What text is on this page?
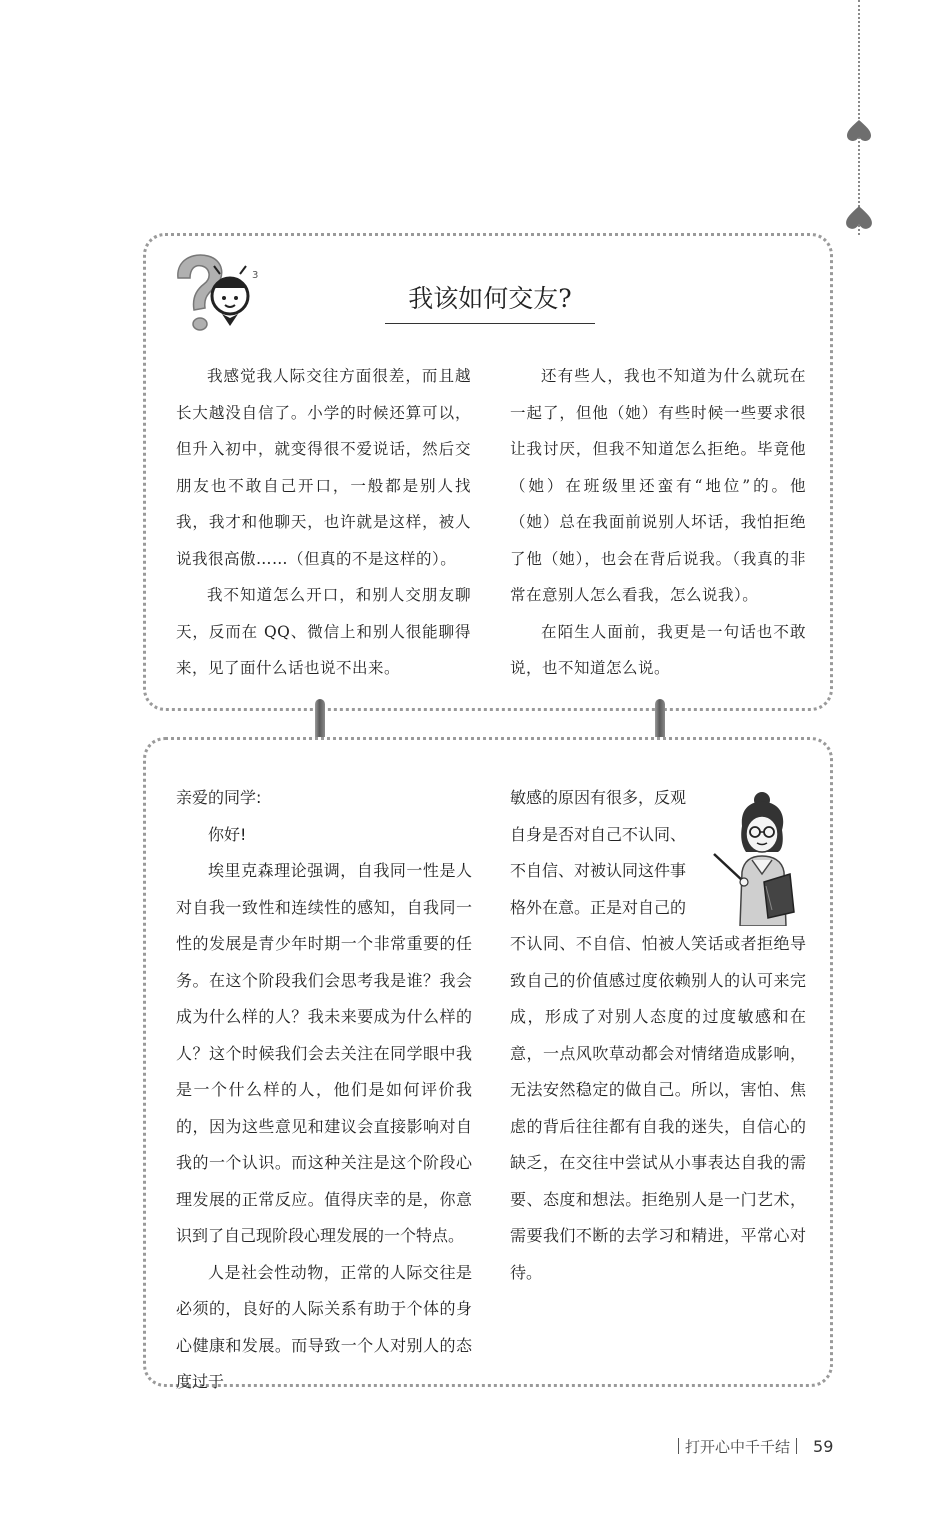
3
我该如何交友?

我感觉我人际交往方面很差，而且越长大越没自信了。小学的时候还算可以，但升入初中，就变得很不爱说话，然后交朋友也不敢自己开口，一般都是别人找我，我才和他聊天，也许就是这样，被人说我很高傲……（但真的不是这样的）。

我不知道怎么开口，和别人交朋友聊天，反而在 QQ、微信上和别人很能聊得来，见了面什么话也说不出来。

还有些人，我也不知道为什么就玩在一起了，但他（她）有些时候一些要求很让我讨厌，但我不知道怎么拒绝。毕竟他（她）在班级里还蛮有“地位”的。他（她）总在我面前说别人坏话，我怕拒绝了他（她），也会在背后说我。（我真的非常在意别人怎么看我，怎么说我）。

在陌生人面前，我更是一句话也不敢说，也不知道怎么说。

亲爱的同学:

你好!

埃里克森理论强调，自我同一性是人对自我一致性和连续性的感知，自我同一性的发展是青少年时期一个非常重要的任务。在这个阶段我们会思考我是谁？我会成为什么样的人？我未来要成为什么样的人？这个时候我们会去关注在同学眼中我是一个什么样的人，他们是如何评价我的，因为这些意见和建议会直接影响对自我的一个认识。而这种关注是这个阶段心理发展的正常反应。值得庆幸的是，你意识到了自己现阶段心理发展的一个特点。

人是社会性动物，正常的人际交往是必须的，良好的人际关系有助于个体的身心健康和发展。而导致一个人对别人的态度过于

敏感的原因有很多，反观

自身是否对自己不认同、

不自信、对被认同这件事

格外在意。正是对自己的

不认同、不自信、怕被人笑话或者拒绝导致自己的价值感过度依赖别人的认可来完成，形成了对别人态度的过度敏感和在意，一点风吹草动都会对情绪造成影响，无法安然稳定的做自己。所以，害怕、焦虑的背后往往都有自我的迷失，自信心的缺乏，在交往中尝试从小事表达自我的需要、态度和想法。拒绝别人是一门艺术，需要我们不断的去学习和精进，平常心对待。

打开心中千千结 59
